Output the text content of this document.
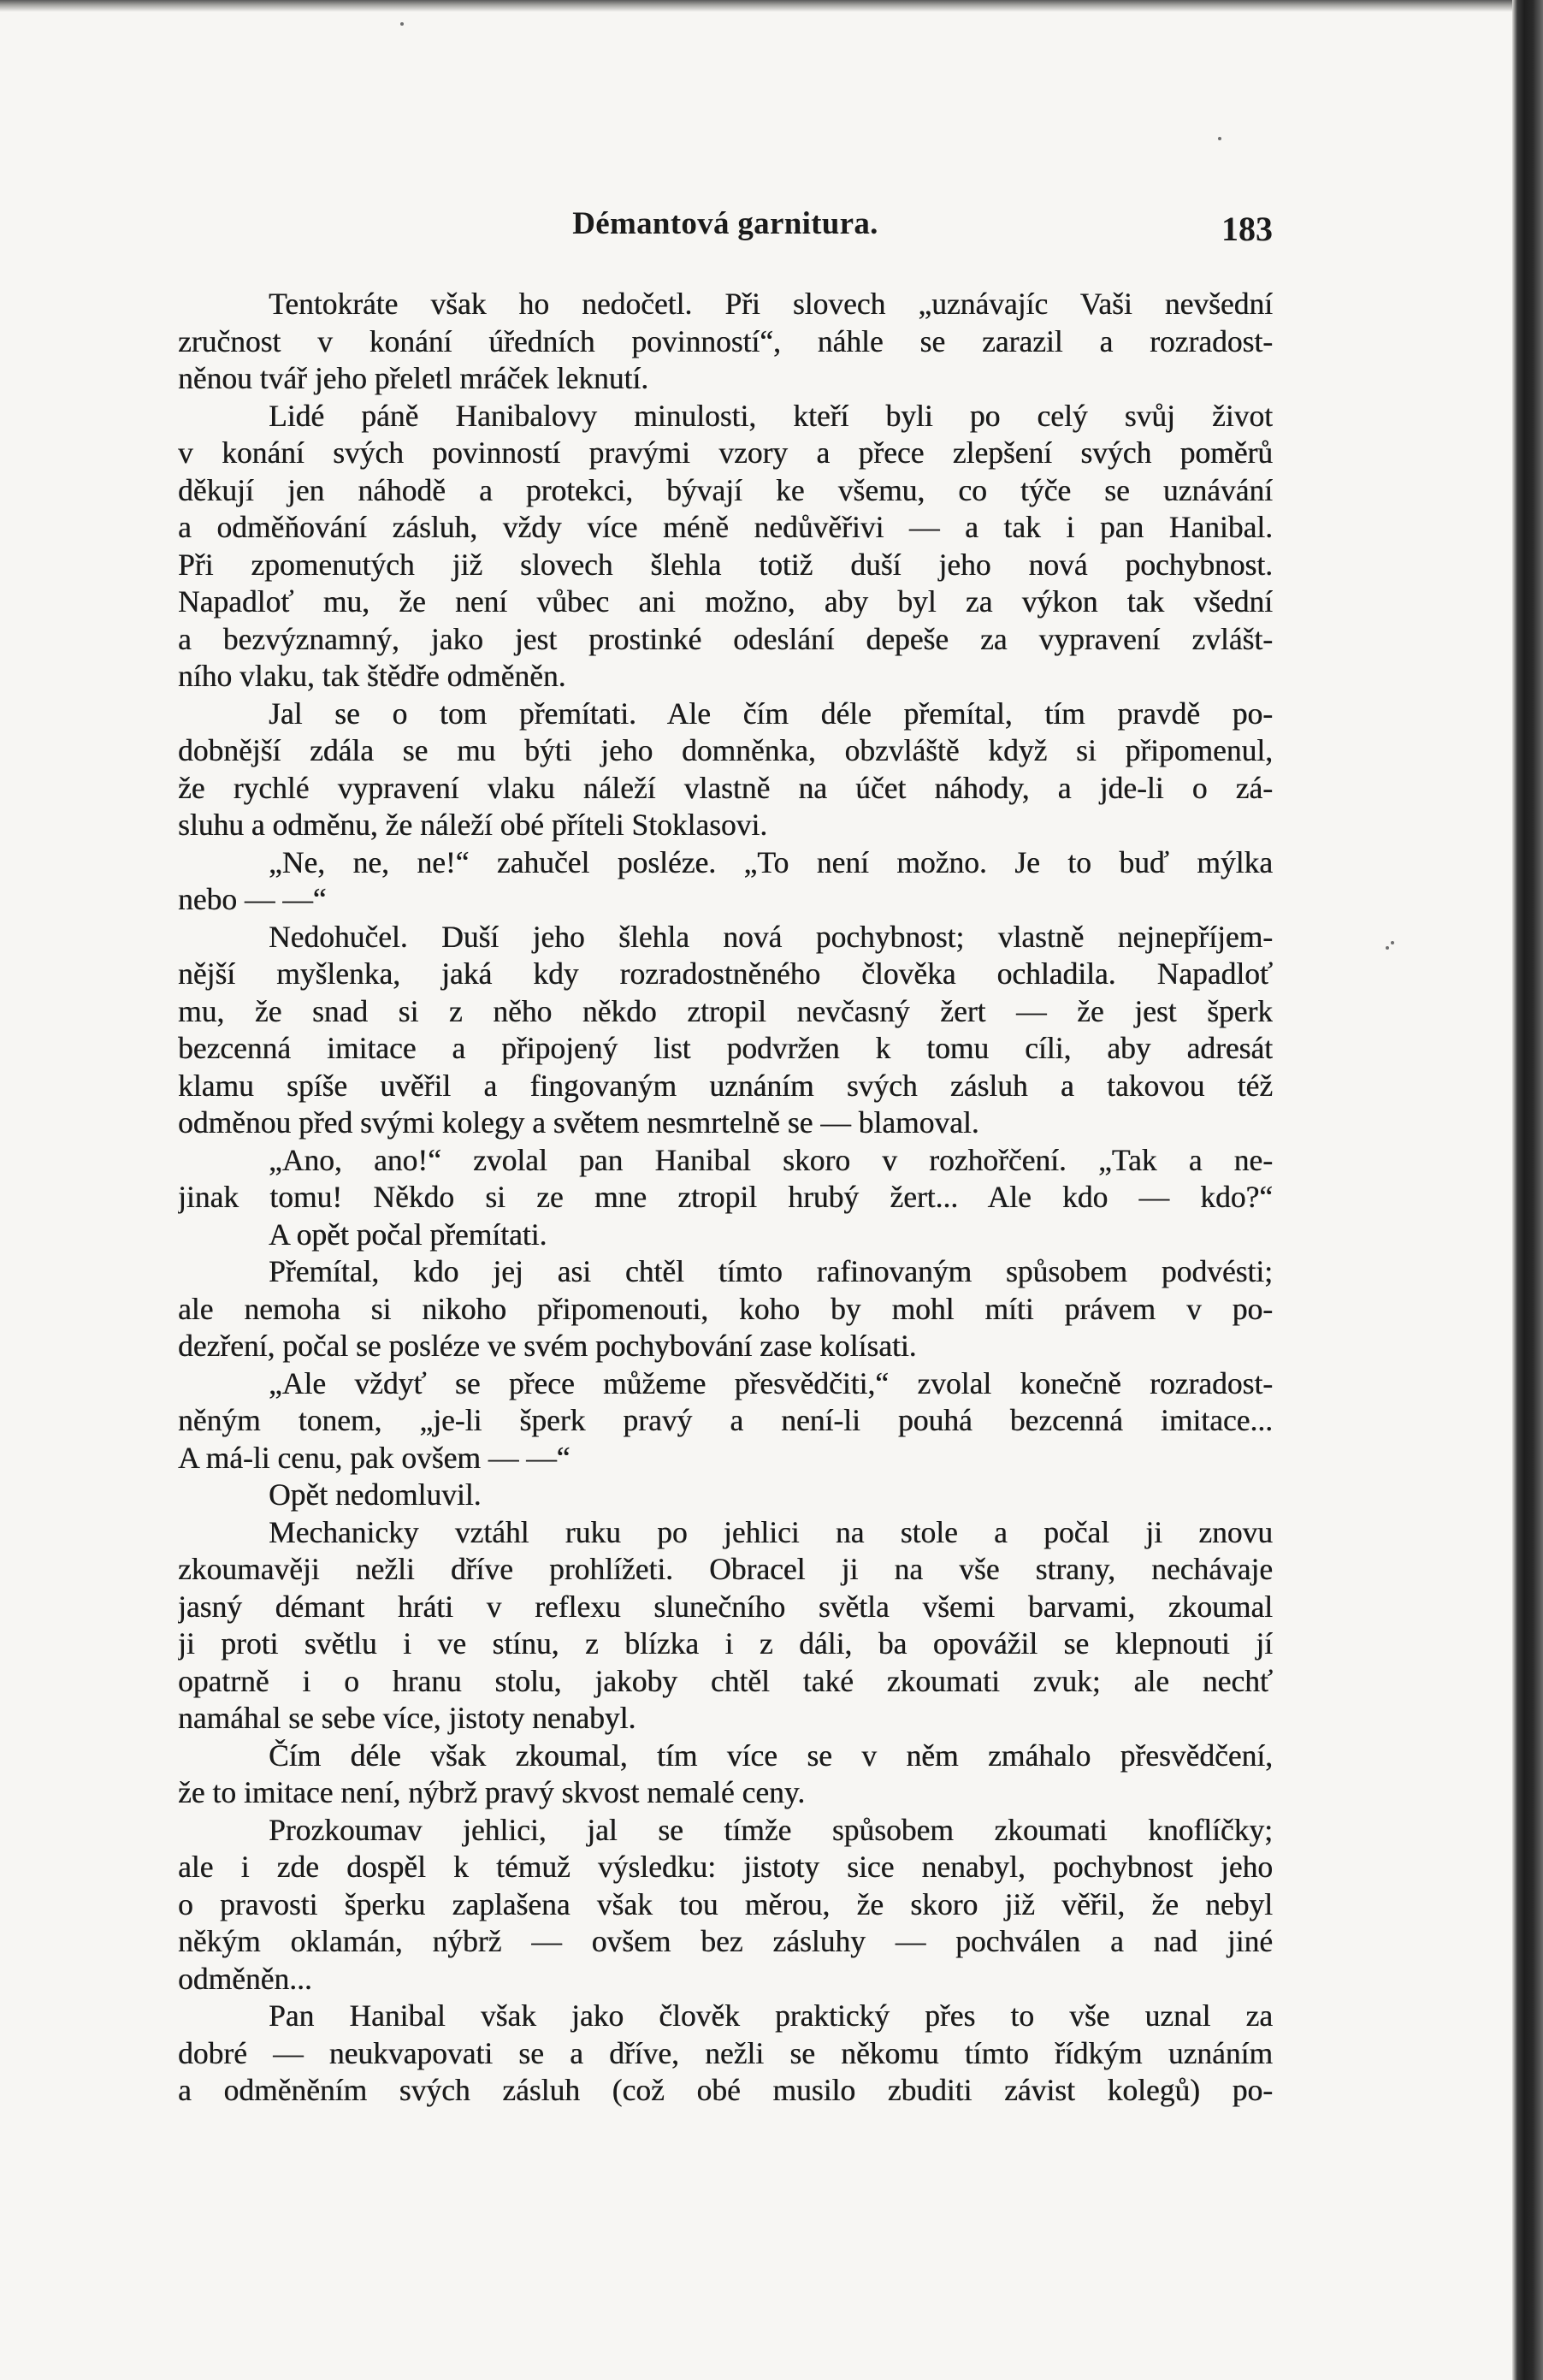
Démantová garnitura.	183
Tentokráte však ho nedočetl. Při slovech „uznávajíc Vaši nevšední
zručnost v konání úředních povinností“, náhle se zarazil a rozradost-
něnou tvář jeho přeletl mráček leknutí.
Lidé páně Hanibalovy minulosti, kteří byli po celý svůj život
v konání svých povinností pravými vzory a přece zlepšení svých poměrů
děkují jen náhodě a protekci, bývají ke všemu, co týče se uznávání
a odměňování zásluh, vždy více méně nedůvěřivi — a tak i pan Hanibal.
Při zpomenutých již slovech šlehla totiž duší jeho nová pochybnost.
Napadloť mu, že není vůbec ani možno, aby byl za výkon tak všední
a bezvýznamný, jako jest prostinké odeslání depeše za vypravení zvlášt-
ního vlaku, tak štědře odměněn.
Jal se o tom přemítati. Ale čím déle přemítal, tím pravdě po-
dobnější zdála se mu býti jeho domněnka, obzvláště když si připomenul,
že rychlé vypravení vlaku náleží vlastně na účet náhody, a jde-li o zá-
sluhu a odměnu, že náleží obé příteli Stoklasovi.
„Ne, ne, ne!“ zahučel posléze. „To není možno. Je to buď mýlka
nebo — —“
Nedohučel. Duší jeho šlehla nová pochybnost; vlastně nejnepříjem-
nější myšlenka, jaká kdy rozradostněného člověka ochladila. Napadloť
mu, že snad si z něho někdo ztropil nevčasný žert — že jest šperk
bezcenná imitace a připojený list podvržen k tomu cíli, aby adresát
klamu spíše uvěřil a fingovaným uznáním svých zásluh a takovou též
odměnou před svými kolegy a světem nesmrtelně se — blamoval.
„Ano, ano!“ zvolal pan Hanibal skoro v rozhořčení. „Tak a ne-
jinak tomu! Někdo si ze mne ztropil hrubý žert... Ale kdo — kdo?“
A opět počal přemítati.
Přemítal, kdo jej asi chtěl tímto rafinovaným spůsobem podvésti;
ale nemoha si nikoho připomenouti, koho by mohl míti právem v po-
dezření, počal se posléze ve svém pochybování zase kolísati.
„Ale vždyť se přece můžeme přesvědčiti,“ zvolal konečně rozradost-
něným tonem, „je-li šperk pravý a není-li pouhá bezcenná imitace...
A má-li cenu, pak ovšem — —“
Opět nedomluvil.
Mechanicky vztáhl ruku po jehlici na stole a počal ji znovu
zkoumavěji nežli dříve prohlížeti. Obracel ji na vše strany, nechávaje
jasný démant hráti v reflexu slunečního světla všemi barvami, zkoumal
ji proti světlu i ve stínu, z blízka i z dáli, ba opovážil se klepnouti jí
opatrně i o hranu stolu, jakoby chtěl také zkoumati zvuk; ale nechť
namáhal se sebe více, jistoty nenabyl.
Čím déle však zkoumal, tím více se v něm zmáhalo přesvědčení,
že to imitace není, nýbrž pravý skvost nemalé ceny.
Prozkoumav jehlici, jal se tímže spůsobem zkoumati knoflíčky;
ale i zde dospěl k témuž výsledku: jistoty sice nenabyl, pochybnost jeho
o pravosti šperku zaplašena však tou měrou, že skoro již věřil, že nebyl
někým oklamán, nýbrž — ovšem bez zásluhy — pochválen a nad jiné
odměněn...
Pan Hanibal však jako člověk praktický přes to vše uznal za
dobré — neukvapovati se a dříve, nežli se někomu tímto řídkým uznáním
a odměněním svých zásluh (což obé musilo zbuditi závist kolegů) po-
